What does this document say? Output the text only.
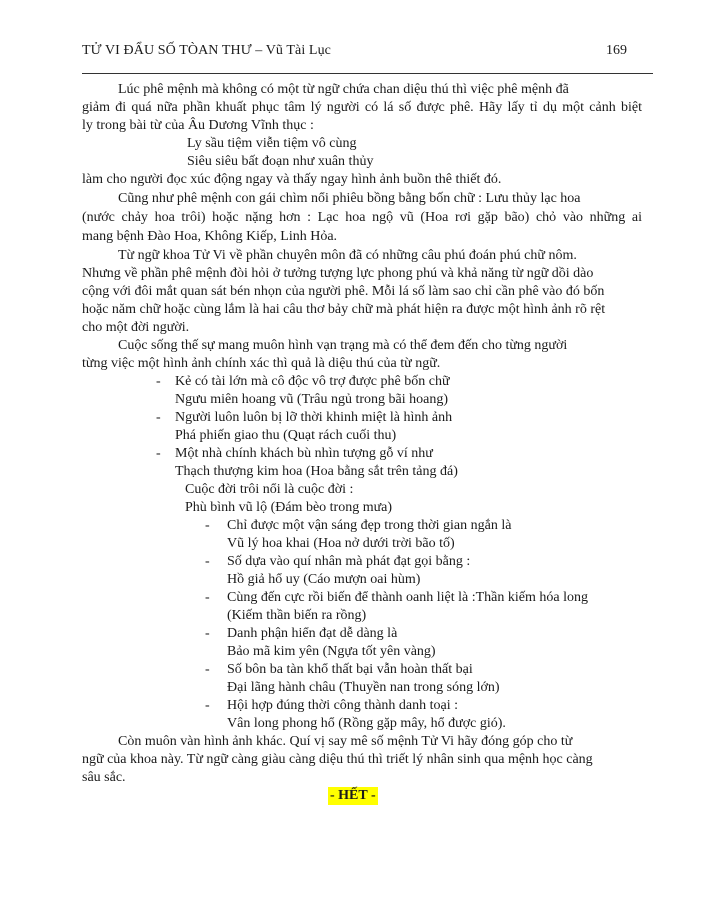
TỬ VI ĐẨU SỐ TÒAN THƯ – Vũ Tài Lục	169
Lúc phê mệnh mà không có một từ ngữ chứa chan diệu thú thì việc phê mệnh đã
giảm đi quá nữa phần khuất phục tâm lý người có lá số được phê. Hãy lấy tỉ dụ một cảnh biệt
ly trong bài từ của Âu Dương Vĩnh thục :
Ly sầu tiệm viễn tiệm vô cùng
Siêu siêu bất đoạn như xuân thủy
làm cho người đọc xúc động ngay và thấy ngay hình ảnh buồn thê thiết đó.
Cũng như phê mệnh con gái chìm nổi phiêu bồng bằng bốn chữ : Lưu thủy lạc hoa
(nước chảy hoa trôi) hoặc nặng hơn : Lạc hoa ngộ vũ (Hoa rơi gặp bão) chỏ vào những ai
mang bệnh Đào Hoa, Không Kiếp, Linh Hỏa.
Từ ngữ khoa Tử Vi về phần chuyên môn đã có những câu phú đoán phú chữ nôm.
Nhưng về phần phê mệnh đòi hỏi ở tưởng tượng lực phong phú và khả năng từ ngữ dồi dào
cộng với đôi mắt quan sát bén nhọn của người phê. Mỗi lá số làm sao chỉ cần phê vào đó bốn
hoặc năm chữ hoặc cùng lắm là hai câu thơ bảy chữ mà phát hiện ra được một hình ảnh rõ rệt
cho một đời người.
Cuộc sống thế sự mang muôn hình vạn trạng mà có thể đem đến cho từng người
từng việc một hình ảnh chính xác thì quả là diệu thú của từ ngữ.
- Kẻ có tài lớn mà cô độc vô trợ được phê bốn chữ
Ngưu miên hoang vũ (Trâu ngủ trong bãi hoang)
- Người luôn luôn bị lỡ thời khinh miệt là hình ảnh
Phá phiến giao thu (Quạt rách cuối thu)
- Một nhà chính khách bù nhìn tượng gỗ ví như
Thạch thượng kim hoa (Hoa bằng sắt trên tảng đá)
Cuộc đời trôi nổi là cuộc đời :
Phù bình vũ lộ (Đám bèo trong mưa)
- Chỉ được một vận sáng đẹp trong thời gian ngắn là
Vũ lý hoa khai (Hoa nở dưới trời bão tố)
- Số dựa vào quí nhân mà phát đạt gọi bằng :
Hồ giả hổ uy (Cáo mượn oai hùm)
- Cùng đến cực rồi biến để thành oanh liệt là :Thần kiếm hóa long
(Kiếm thần biến ra rồng)
- Danh phận hiển đạt dễ dàng là
Bảo mã kim yên (Ngựa tốt yên vàng)
- Số bôn ba tàn khổ thất bại vẫn hoàn thất bại
Đại lãng hành châu (Thuyền nan trong sóng lớn)
- Hội hợp đúng thời công thành danh toại :
Vân long phong hổ (Rồng gặp mây, hổ được gió).
Còn muôn vàn hình ảnh khác. Quí vị say mê số mệnh Tử Vi hãy đóng góp cho từ
ngữ của khoa này. Từ ngữ càng giàu càng diệu thú thì triết lý nhân sinh qua mệnh học càng
sâu sắc.
- HẾT -
